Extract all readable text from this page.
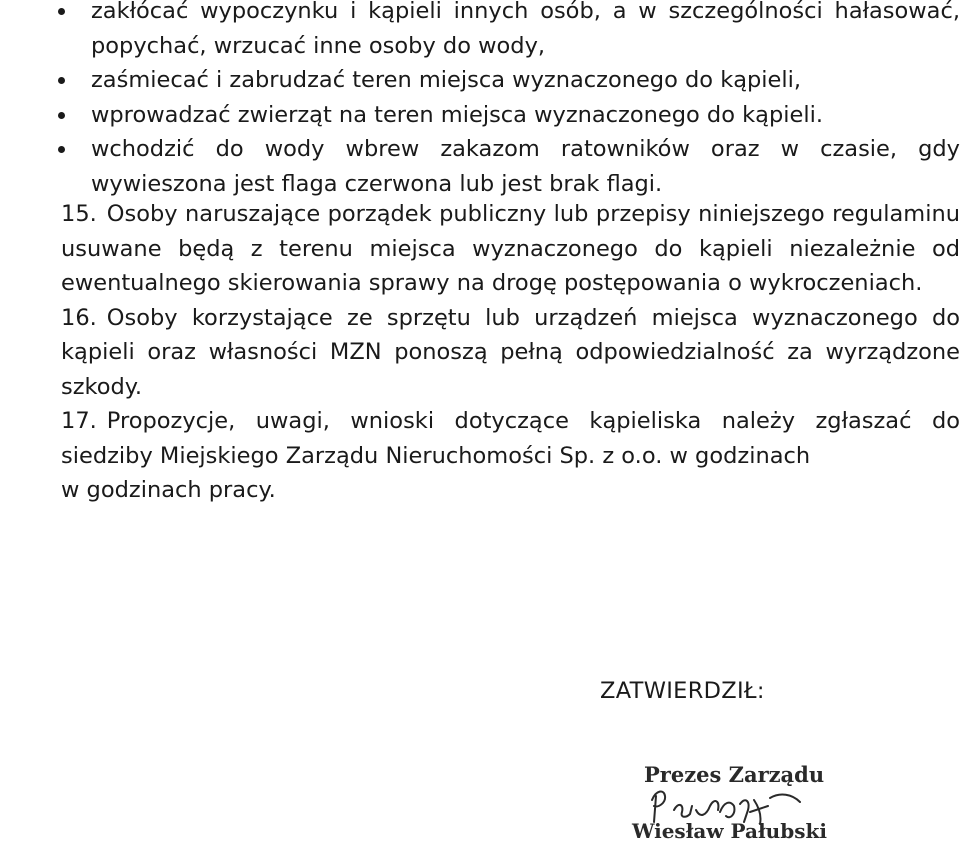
zakłócać wypoczynku i kąpieli innych osób, a w szczególności hałasować, popychać, wrzucać inne osoby do wody,
zaśmiecać i zabrudzać teren miejsca wyznaczonego do kąpieli,
wprowadzać zwierząt na teren miejsca wyznaczonego do kąpieli.
wchodzić do wody wbrew zakazom ratowników oraz w czasie, gdy wywieszona jest flaga czerwona lub jest brak flagi.
15. Osoby naruszające porządek publiczny lub przepisy niniejszego regulaminu usuwane będą z terenu miejsca wyznaczonego do kąpieli niezależnie od ewentualnego skierowania sprawy na drogę postępowania o wykroczeniach.
16. Osoby korzystające ze sprzętu lub urządzeń miejsca wyznaczonego do kąpieli oraz własności MZN ponoszą pełną odpowiedzialność za wyrządzone szkody.
17. Propozycje, uwagi, wnioski dotyczące kąpieliska należy zgłaszać do siedziby Miejskiego Zarządu Nieruchomości Sp. z o.o. w godzinach
w godzinach pracy.
ZATWIERDZIŁ:
Prezes Zarządu
Wiesław Pałubski
